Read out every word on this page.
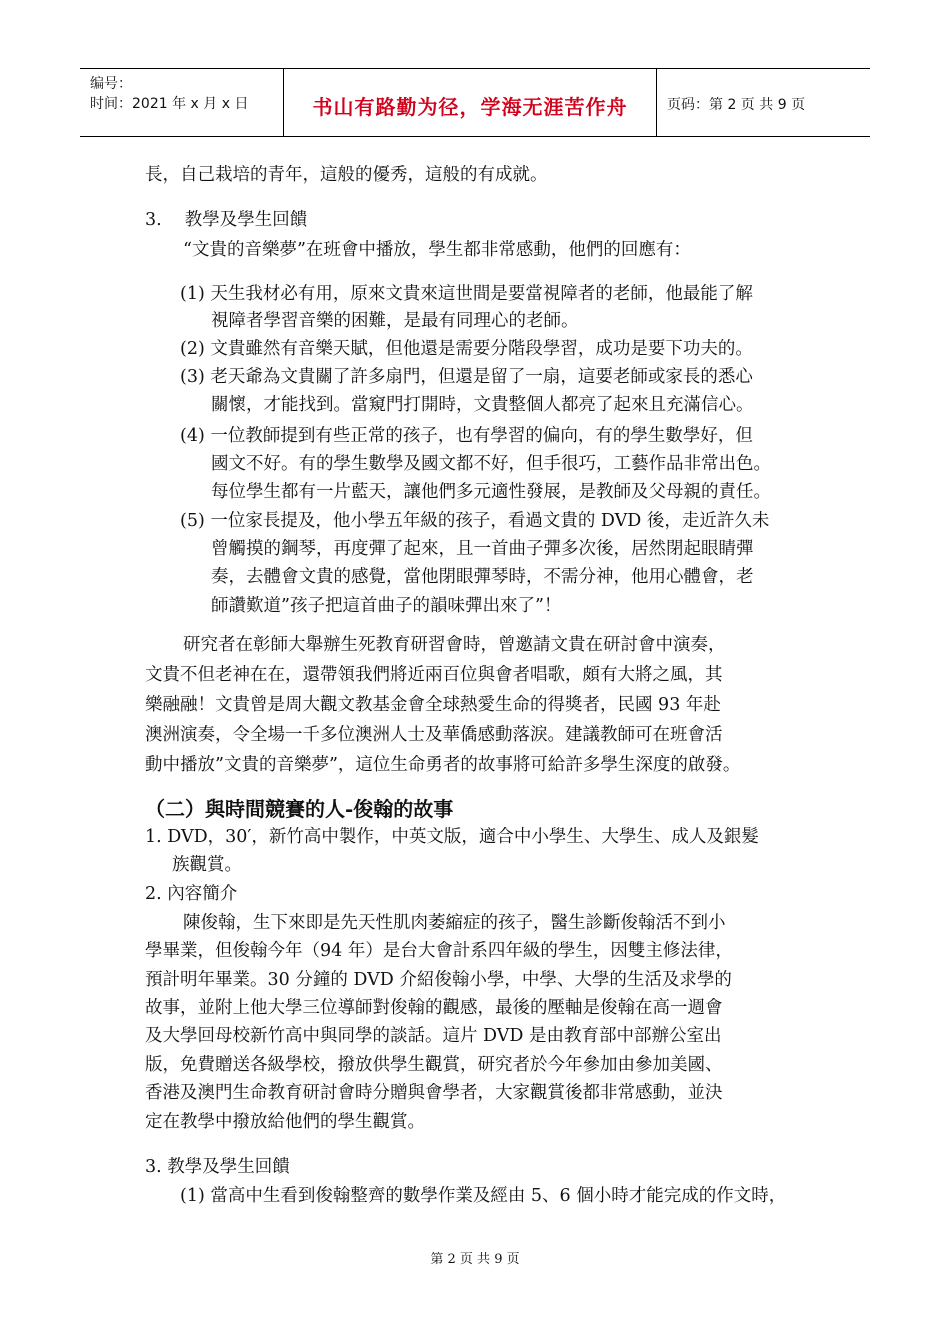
编号：
时间：2021 年 x 月 x 日	书山有路勤为径，学海无涯苦作舟	页码：第 2 页 共 9 页
長，自己栽培的青年，這般的優秀，這般的有成就。
3.　 教學及學生回饋
“文貴的音樂夢”在班會中播放，學生都非常感動，他們的回應有：
(1) 天生我材必有用，原來文貴來這世間是要當視障者的老師，他最能了解
視障者學習音樂的困難，是最有同理心的老師。
(2) 文貴雖然有音樂天賦，但他還是需要分階段學習，成功是要下功夫的。
(3) 老天爺為文貴關了許多扇門，但還是留了一扇，這要老師或家長的悉心
關懷，才能找到。當窺門打開時，文貴整個人都亮了起來且充滿信心。
(4) 一位教師提到有些正常的孩子，也有學習的偏向，有的學生數學好，但
國文不好。有的學生數學及國文都不好，但手很巧，工藝作品非常出色。
每位學生都有一片藍天，讓他們多元適性發展，是教師及父母親的責任。
(5) 一位家長提及，他小學五年級的孩子，看過文貴的 DVD 後，走近許久未
曾觸摸的鋼琴，再度彈了起來，且一首曲子彈多次後，居然閉起眼睛彈
奏，去體會文貴的感覺，當他閉眼彈琴時，不需分神，他用心體會，老
師讚歎道”孩子把這首曲子的韻味彈出來了”！
研究者在彰師大舉辦生死教育研習會時，曾邀請文貴在研討會中演奏，
文貴不但老神在在，還帶領我們將近兩百位與會者唱歌，頗有大將之風，其
樂融融！文貴曾是周大觀文教基金會全球熱愛生命的得獎者，民國 93 年赴
澳洲演奏，令全場一千多位澳洲人士及華僑感動落淚。建議教師可在班會活
動中播放”文貴的音樂夢”，這位生命勇者的故事將可給許多學生深度的啟發。
（二）與時間競賽的人-俊翰的故事
1. DVD，30′，新竹高中製作，中英文版，適合中小學生、大學生、成人及銀髮
族觀賞。
2. 內容簡介
陳俊翰，生下來即是先天性肌肉萎縮症的孩子，醫生診斷俊翰活不到小
學畢業，但俊翰今年（94 年）是台大會計系四年級的學生，因雙主修法律，
預計明年畢業。30 分鐘的 DVD 介紹俊翰小學，中學、大學的生活及求學的
故事，並附上他大學三位導師對俊翰的觀感，最後的壓軸是俊翰在高一週會
及大學回母校新竹高中與同學的談話。這片 DVD 是由教育部中部辦公室出
版，免費贈送各級學校，撥放供學生觀賞，研究者於今年參加由參加美國、
香港及澳門生命教育研討會時分贈與會學者，大家觀賞後都非常感動，並決
定在教學中撥放給他們的學生觀賞。
3. 教學及學生回饋
(1) 當高中生看到俊翰整齊的數學作業及經由 5、6 個小時才能完成的作文時，
第 2 页 共 9 页
